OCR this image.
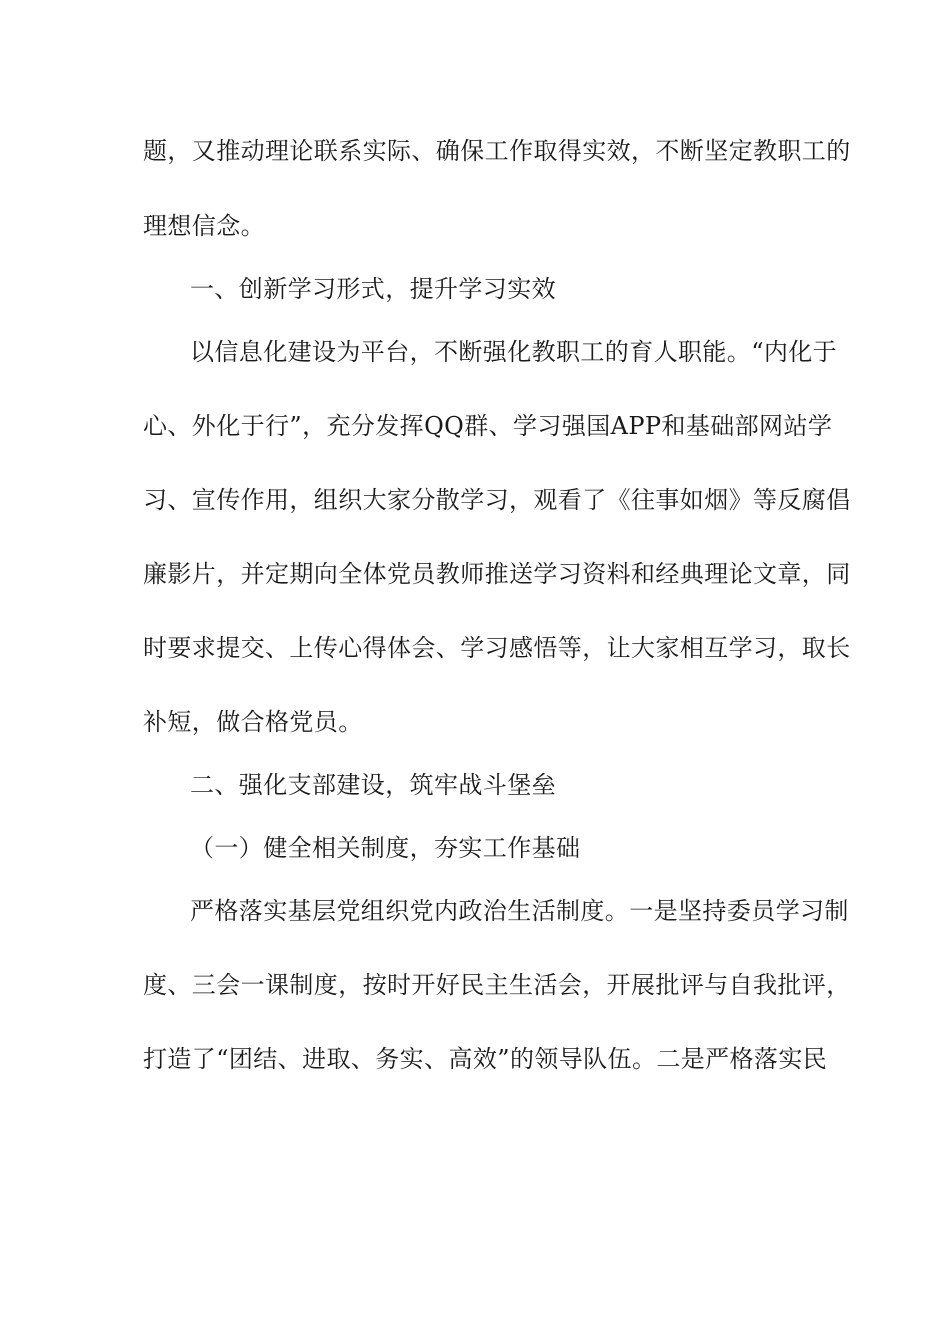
题，又推动理论联系实际、确保工作取得实效，不断坚定教职工的
理想信念。
一、创新学习形式，提升学习实效
以信息化建设为平台，不断强化教职工的育人职能。“内化于
心、外化于行”，充分发挥QQ群、学习强国APP和基础部网站学
习、宣传作用，组织大家分散学习，观看了《往事如烟》等反腐倡
廉影片，并定期向全体党员教师推送学习资料和经典理论文章，同
时要求提交、上传心得体会、学习感悟等，让大家相互学习，取长
补短，做合格党员。
二、强化支部建设，筑牢战斗堡垒
（一）健全相关制度，夯实工作基础
严格落实基层党组织党内政治生活制度。一是坚持委员学习制
度、三会一课制度，按时开好民主生活会，开展批评与自我批评，
打造了“团结、进取、务实、高效”的领导队伍。二是严格落实民
